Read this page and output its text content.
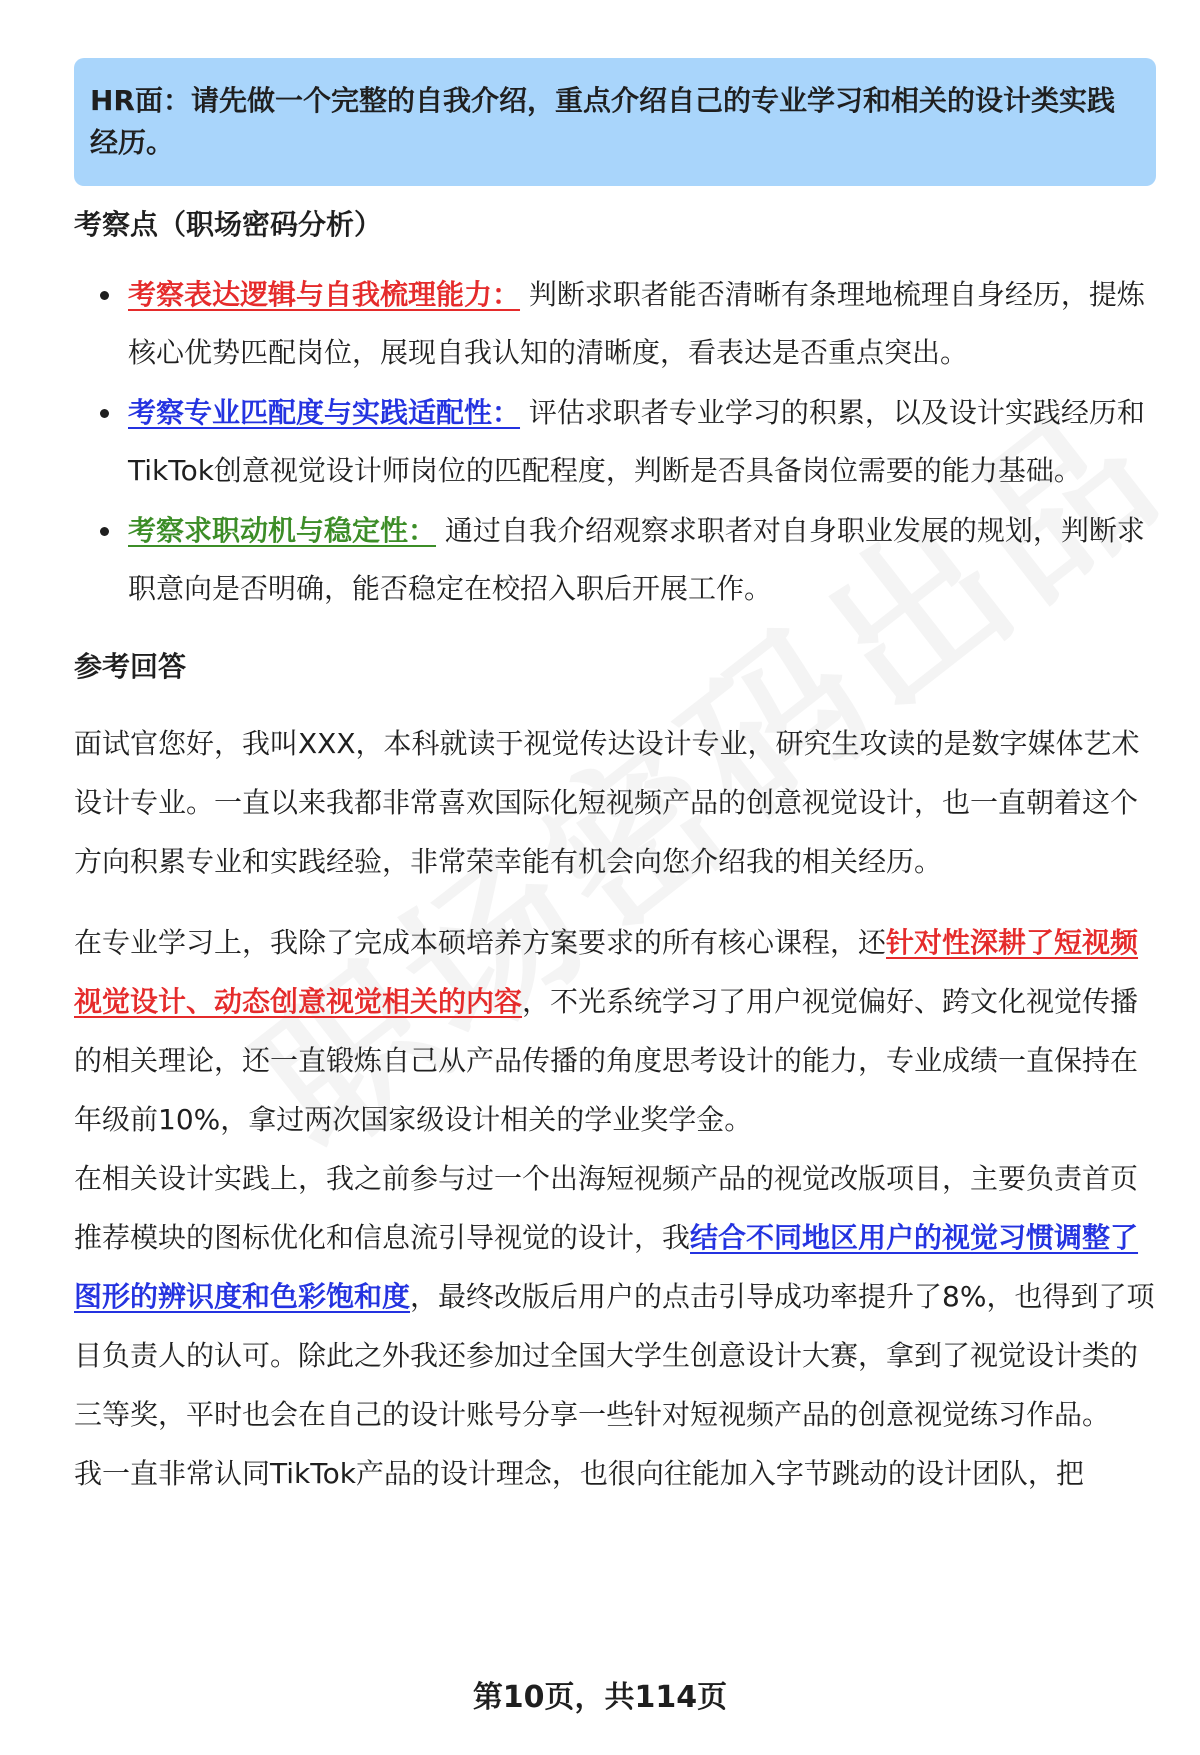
HR面：请先做一个完整的自我介绍，重点介绍自己的专业学习和相关的设计类实践经历。
考察点（职场密码分析）
考察表达逻辑与自我梳理能力： 判断求职者能否清晰有条理地梳理自身经历，提炼核心优势匹配岗位，展现自我认知的清晰度，看表达是否重点突出。
考察专业匹配度与实践适配性： 评估求职者专业学习的积累，以及设计实践经历和TikTok创意视觉设计师岗位的匹配程度，判断是否具备岗位需要的能力基础。
考察求职动机与稳定性： 通过自我介绍观察求职者对自身职业发展的规划，判断求职意向是否明确，能否稳定在校招入职后开展工作。
参考回答

面试官您好，我叫XXX，本科就读于视觉传达设计专业，研究生攻读的是数字媒体艺术设计专业。一直以来我都非常喜欢国际化短视频产品的创意视觉设计，也一直朝着这个方向积累专业和实践经验，非常荣幸能有机会向您介绍我的相关经历。

在专业学习上，我除了完成本硕培养方案要求的所有核心课程，还针对性深耕了短视频视觉设计、动态创意视觉相关的内容，不光系统学习了用户视觉偏好、跨文化视觉传播的相关理论，还一直锻炼自己从产品传播的角度思考设计的能力，专业成绩一直保持在年级前10%，拿过两次国家级设计相关的学业奖学金。

在相关设计实践上，我之前参与过一个出海短视频产品的视觉改版项目，主要负责首页推荐模块的图标优化和信息流引导视觉的设计，我结合不同地区用户的视觉习惯调整了图形的辨识度和色彩饱和度，最终改版后用户的点击引导成功率提升了8%，也得到了项目负责人的认可。除此之外我还参加过全国大学生创意设计大赛，拿到了视觉设计类的三等奖，平时也会在自己的设计账号分享一些针对短视频产品的创意视觉练习作品。

我一直非常认同TikTok产品的设计理念，也很向往能加入字节跳动的设计团队，把

第10页，共114页
